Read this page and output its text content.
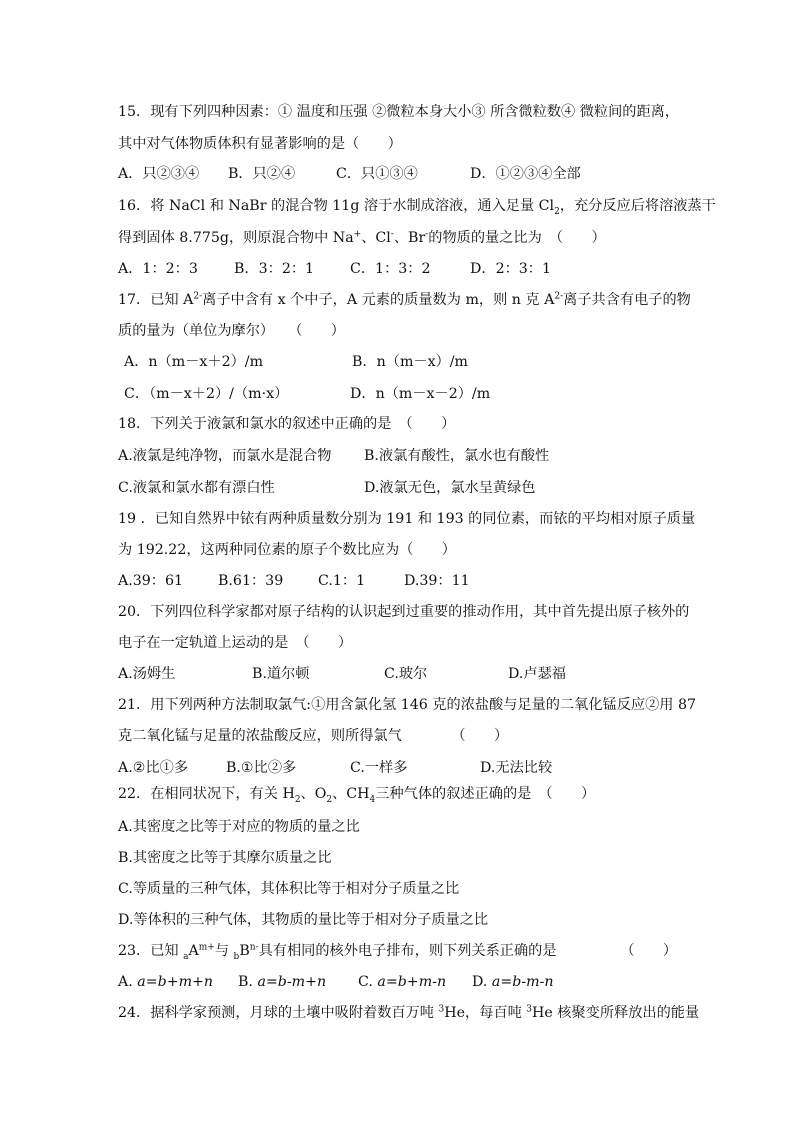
15．现有下列四种因素：① 温度和压强 ②微粒本身大小③ 所含微粒数④ 微粒间的距离，
其中对气体物质体积有显著影响的是（　　）
A．只②③④ B．只②④	C．只①③④	D．①②③④全部
16．将 NaCl 和 NaBr 的混合物 11g 溶于水制成溶液，通入足量 $Cl_2$，充分反应后将溶液蒸干
得到固体 8.775g，则原混合物中 Na+、Cl-、Br-的物质的量之比为　（　　）
A．1：2：3	B．3：2：1	C．1：3：2	D．2：3：1
17．已知 $A^{2-}$离子中含有 x 个中子，A 元素的质量数为 m，则 n 克 $A^{2-}$离子共含有电子的物
质的量为（单位为摩尔）　　（　　）
A．n（m－x＋2）/m	B．n（m－x）/m
C．（m－x＋2）/（m·x）	D．n（m－x－2）/m
18．下列关于液氯和氯水的叙述中正确的是　（　　）
A.液氯是纯净物，而氯水是混合物 B.液氯有酸性，氯水也有酸性
C.液氯和氯水都有漂白性	D.液氯无色，氯水呈黄绿色
19 ．已知自然界中铱有两种质量数分别为 191 和 193 的同位素，而铱的平均相对原子质量
为 192.22，这两种同位素的原子个数比应为（　　）
A.39：61 B.61：39 C.1：1	D.39：11
20．下列四位科学家都对原子结构的认识起到过重要的推动作用，其中首先提出原子核外的
电子在一定轨道上运动的是　（　　）
A.汤姆生	B.道尔顿	C.玻尔	D.卢瑟福
21．用下列两种方法制取氯气:①用含氯化氢 146 克的浓盐酸与足量的二氧化锰反应②用 87
克二氧化锰与足量的浓盐酸反应，则所得氯气　　　　（　　）
A.②比①多	B.①比②多	C.一样多	D.无法比较
22．在相同状况下，有关 $H_2$、$O_2$、$CH_4$三种气体的叙述正确的是　（　　）
A.其密度之比等于对应的物质的量之比
B.其密度之比等于其摩尔质量之比
C.等质量的三种气体，其体积比等于相对分子质量之比
D.等体积的三种气体，其物质的量比等于相对分子质量之比
23．已知 $_aA^{m+}$与 $_bB^{n-}$具有相同的核外电子排布，则下列关系正确的是　　　　　（　　）
A. a=b+m+n B. a=b-m+n C. a=b+m-n D. a=b-m-n
24．据科学家预测，月球的土壤中吸附着数百万吨 $^3$He，每百吨 $^3$He 核聚变所释放出的能量
